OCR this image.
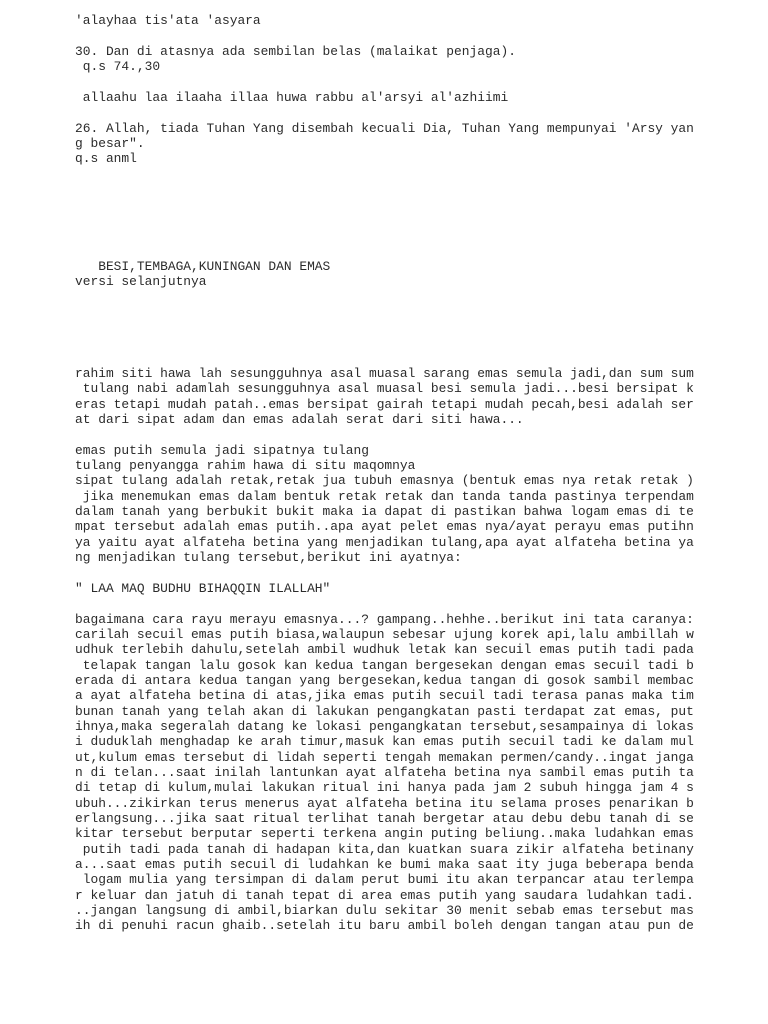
'alayhaa tis'ata 'asyara

30. Dan di atasnya ada sembilan belas (malaikat penjaga).

q.s 74.,30

allaahu laa ilaaha illaa huwa rabbu al'arsyi al'azhiimi

26. Allah, tiada Tuhan Yang disembah kecuali Dia, Tuhan Yang mempunyai 'Arsy yan

g besar".

q.s anml

BESI,TEMBAGA,KUNINGAN DAN EMAS

versi selanjutnya

rahim siti hawa lah sesungguhnya asal muasal sarang emas semula jadi,dan sum sum

tulang nabi adamlah sesungguhnya asal muasal besi semula jadi...besi bersipat k

eras tetapi mudah patah..emas bersipat gairah tetapi mudah pecah,besi adalah ser

at dari sipat adam dan emas adalah serat dari siti hawa...

emas putih semula jadi sipatnya tulang

tulang penyangga rahim hawa di situ maqomnya

sipat tulang adalah retak,retak jua tubuh emasnya (bentuk emas nya retak retak )

jika menemukan emas dalam bentuk retak retak dan tanda tanda pastinya terpendam

dalam tanah yang berbukit bukit maka ia dapat di pastikan bahwa logam emas di te

mpat tersebut adalah emas putih..apa ayat pelet emas nya/ayat perayu emas putihn

ya yaitu ayat alfateha betina yang menjadikan tulang,apa ayat alfateha betina ya

ng menjadikan tulang tersebut,berikut ini ayatnya:

" LAA MAQ BUDHU BIHAQQIN ILALLAH"

bagaimana cara rayu merayu emasnya...? gampang..hehhe..berikut ini tata caranya:

carilah secuil emas putih biasa,walaupun sebesar ujung korek api,lalu ambillah w

udhuk terlebih dahulu,setelah ambil wudhuk letak kan secuil emas putih tadi pada

telapak tangan lalu gosok kan kedua tangan bergesekan dengan emas secuil tadi b

erada di antara kedua tangan yang bergesekan,kedua tangan di gosok sambil membac

a ayat alfateha betina di atas,jika emas putih secuil tadi terasa panas maka tim

bunan tanah yang telah akan di lakukan pengangkatan pasti terdapat zat emas, put

ihnya,maka segeralah datang ke lokasi pengangkatan tersebut,sesampainya di lokas

i duduklah menghadap ke arah timur,masuk kan emas putih secuil tadi ke dalam mul

ut,kulum emas tersebut di lidah seperti tengah memakan permen/candy..ingat janga

n di telan...saat inilah lantunkan ayat alfateha betina nya sambil emas putih ta

di tetap di kulum,mulai lakukan ritual ini hanya pada jam 2 subuh hingga jam 4 s

ubuh...zikirkan terus menerus ayat alfateha betina itu selama proses penarikan b

erlangsung...jika saat ritual terlihat tanah bergetar atau debu debu tanah di se

kitar tersebut berputar seperti terkena angin puting beliung..maka ludahkan emas

putih tadi pada tanah di hadapan kita,dan kuatkan suara zikir alfateha betinany

a...saat emas putih secuil di ludahkan ke bumi maka saat ity juga beberapa benda

logam mulia yang tersimpan di dalam perut bumi itu akan terpancar atau terlempa

r keluar dan jatuh di tanah tepat di area emas putih yang saudara ludahkan tadi.

..jangan langsung di ambil,biarkan dulu sekitar 30 menit sebab emas tersebut mas

ih di penuhi racun ghaib..setelah itu baru ambil boleh dengan tangan atau pun de
